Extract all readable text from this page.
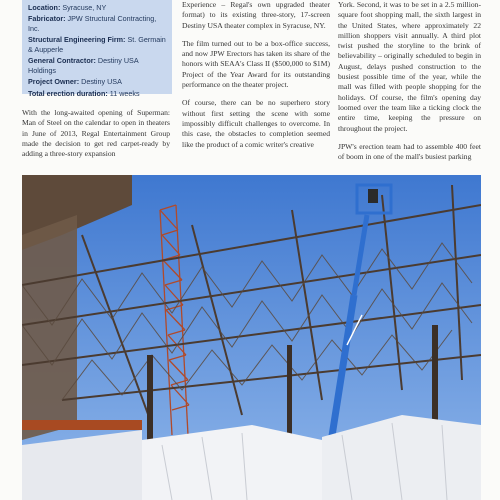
Location: Syracuse, NY
Fabricator: JPW Structural Contracting, Inc.
Structural Engineering Firm: St. Germain & Aupperle
General Contractor: Destiny USA Holdings
Project Owner: Destiny USA
Total erection duration: 11 weeks

With the long-awaited opening of Superman: Man of Steel on the calendar to open in theaters in June of 2013, Regal Entertainment Group made the decision to get red carpet-ready by adding a three-story expansion

Experience – Regal's own upgraded theater format) to its existing three-story, 17-screen Destiny USA theater complex in Syracuse, NY.

The film turned out to be a box-office success, and now JPW Erectors has taken its share of the honors with SEAA's Class II ($500,000 to $1M) Project of the Year Award for its outstanding performance on the theater project.

Of course, there can be no superhero story without first setting the scene with some impossibly difficult challenges to overcome. In this case, the obstacles to completion seemed like the product of a comic writer's creative

York. Second, it was to be set in a 2.5 million-square foot shopping mall, the sixth largest in the United States, where approximately 22 million shoppers visit annually. A third plot twist pushed the storyline to the brink of believability – originally scheduled to begin in August, delays pushed construction to the busiest possible time of the year, while the mall was filled with people shopping for the holidays. Of course, the film's opening day loomed over the team like a ticking clock the entire time, keeping the pressure on throughout the project.

JPW's erection team had to assemble 400 feet of boom in one of the mall's busiest parking
